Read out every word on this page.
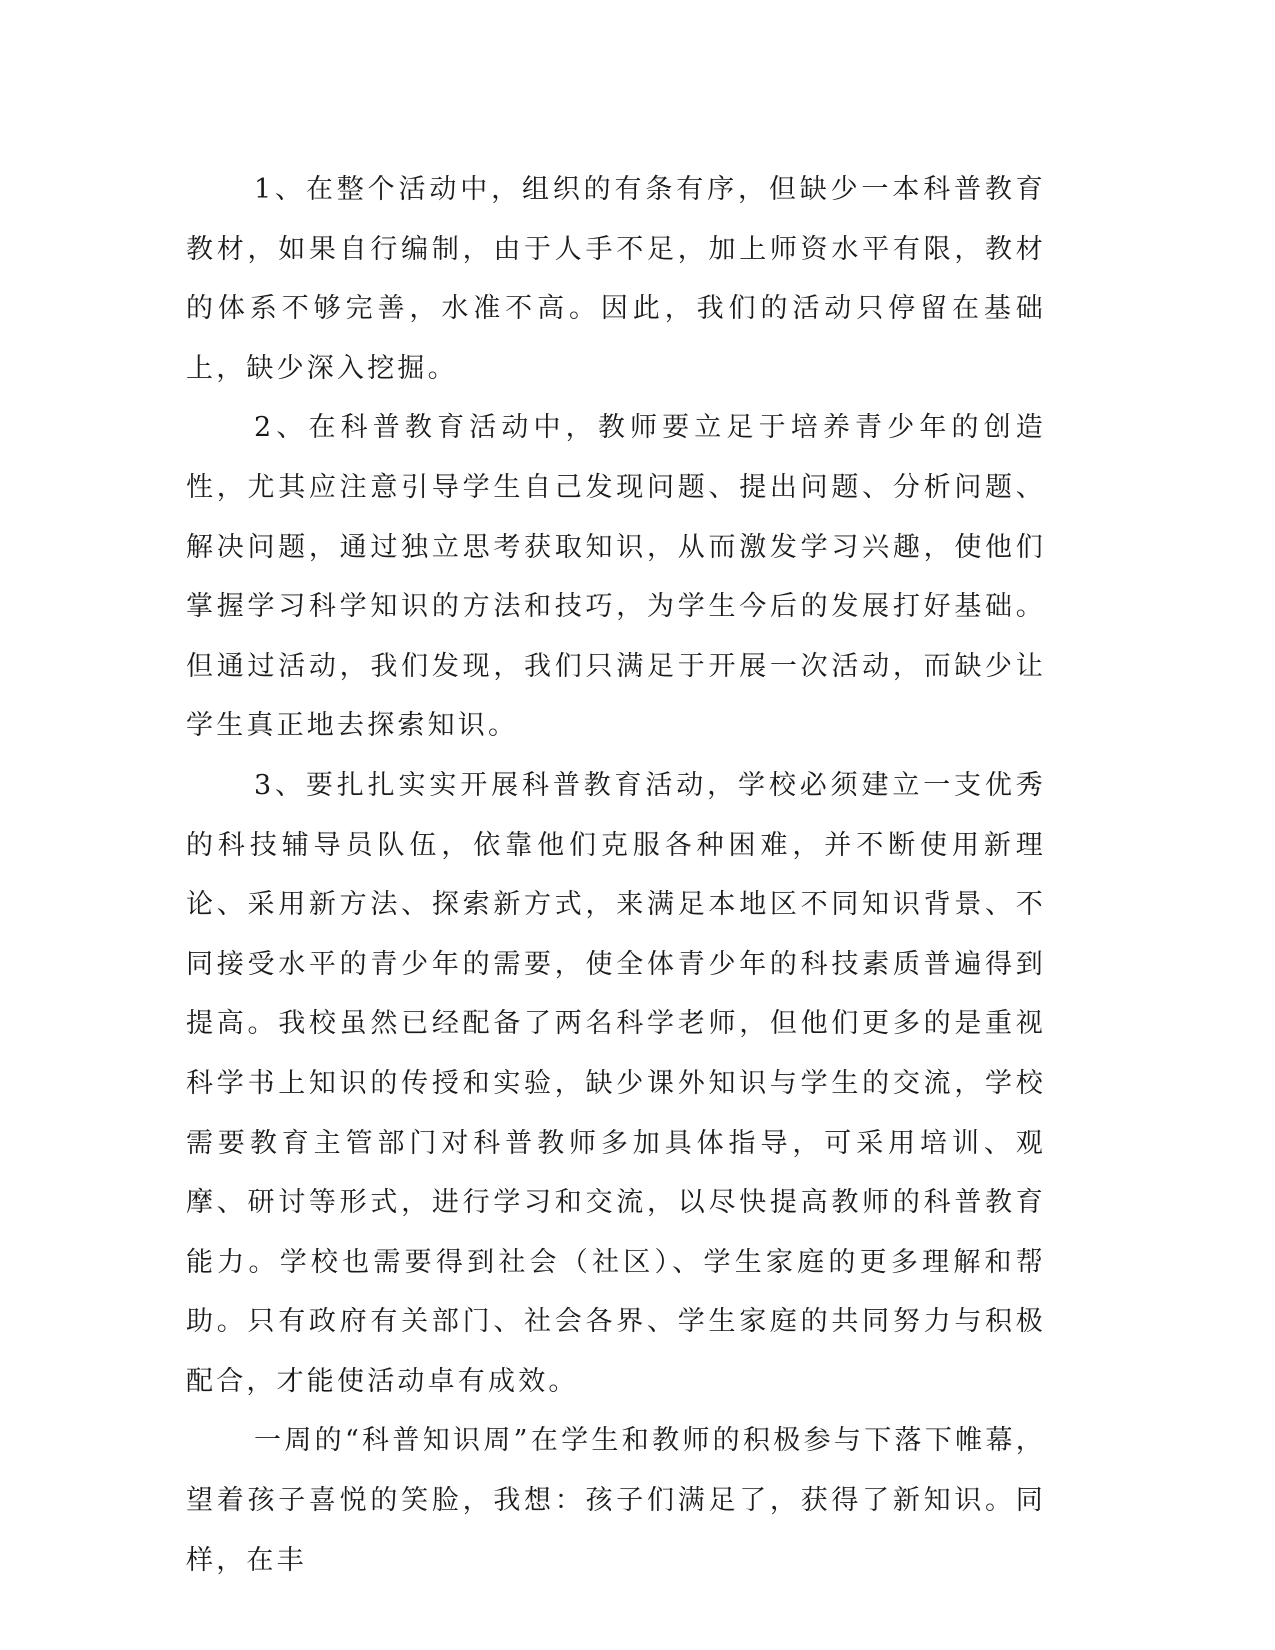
1、在整个活动中，组织的有条有序，但缺少一本科普教育教材，如果自行编制，由于人手不足，加上师资水平有限，教材的体系不够完善，水准不高。因此，我们的活动只停留在基础上，缺少深入挖掘。

2、在科普教育活动中，教师要立足于培养青少年的创造性，尤其应注意引导学生自己发现问题、提出问题、分析问题、解决问题，通过独立思考获取知识，从而激发学习兴趣，使他们掌握学习科学知识的方法和技巧，为学生今后的发展打好基础。但通过活动，我们发现，我们只满足于开展一次活动，而缺少让学生真正地去探索知识。

3、要扎扎实实开展科普教育活动，学校必须建立一支优秀的科技辅导员队伍，依靠他们克服各种困难，并不断使用新理论、采用新方法、探索新方式，来满足本地区不同知识背景、不同接受水平的青少年的需要，使全体青少年的科技素质普遍得到提高。我校虽然已经配备了两名科学老师，但他们更多的是重视科学书上知识的传授和实验，缺少课外知识与学生的交流，学校需要教育主管部门对科普教师多加具体指导，可采用培训、观摩、研讨等形式，进行学习和交流，以尽快提高教师的科普教育能力。学校也需要得到社会（社区）、学生家庭的更多理解和帮助。只有政府有关部门、社会各界、学生家庭的共同努力与积极配合，才能使活动卓有成效。

一周的“科普知识周”在学生和教师的积极参与下落下帷幕，望着孩子喜悦的笑脸，我想：孩子们满足了，获得了新知识。同样，在丰
